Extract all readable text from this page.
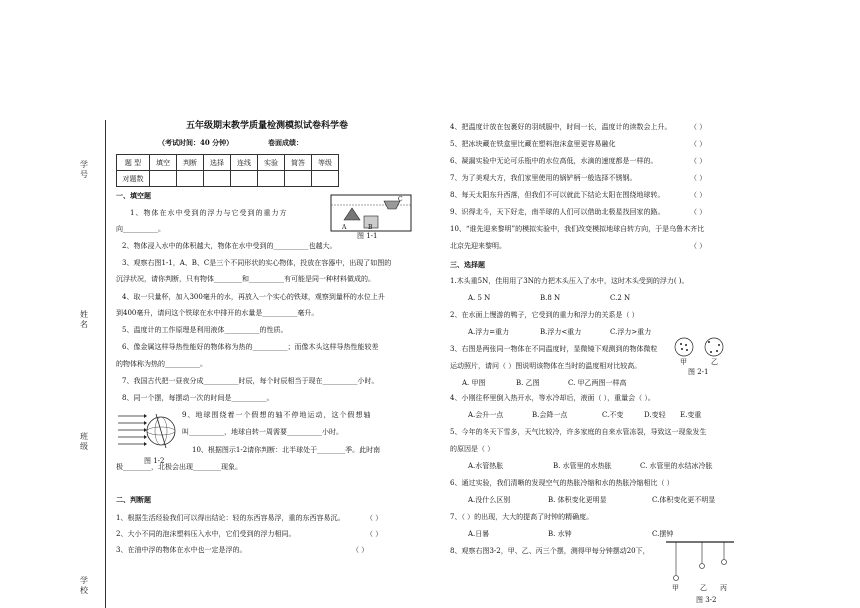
学号
姓名
班级
学校
五年级期末教学质量检测模拟试卷科学卷
（考试时间：40 分钟）	卷面成绩：
题 型	填空	判断	选择	连线	实验	简答	等级
对题数							
一、填空题
1、物体在水中受到的浮力与它受到的重力方
向__________。
2、物体浸入水中的体积越大，物体在水中受到的__________也越大。
3、观察右图1-1，A、B、C是三个不同形状的实心物体，投放在容器中，出现了如图的
沉浮状况，请你判断，只有物体________和__________有可能是同一种材料做成的。
4、取一只量杯，加入300毫升的水，再放入一个实心的铁球，观察到量杯的水位上升
到400毫升，请问这个铁球在水中排开的水量是__________毫升。
5、温度计的工作原理是利用液体__________的性质。
6、像金属这样导热性能好的物体称为热的__________；而像木头这样导热性能较差
的物体称为热的__________。
7、我国古代把一昼夜分成__________时辰，每个时辰相当于现在__________小时。
8、同一个摆，每摆动一次的时间是__________。
9、地球围绕着一个假想的轴不停地运动，这个假想轴
叫__________，地球自转一周需要__________小时。
10、根据图示1-2请你判断：北半球处于________季。此时南
极________，北极会出现________现象。
A	B
C
图 1-1
图 1-2
二、判断题
1、根据生活经验我们可以得出结论：轻的东西容易浮，重的东西容易沉。	（ ）
2、大小不同的泡沫塑料压入水中，它们受到的浮力相同。	（ ）
3、在油中浮的物体在水中也一定是浮的。	（ ）
4、把温度计放在包裹好的羽绒服中，时间一长，温度计的读数会上升。	（ ）
5、把冰块藏在铁盒里比藏在塑料泡沫盒里更容易融化	（ ）
6、凝漏实验中无论可乐瓶中的水位高低，水滴的速度都是一样的。	（ ）
7、为了美观大方，我们家里使用的锅铲柄一般选择不锈钢。	（ ）
8、每天太阳东升西落，但我们不可以就此下结论太阳在围绕地球转。	（ ）
9、识得北斗，天下好走，南半球的人们可以借助北极星找回家的路。	（ ）
10、“谁先迎来黎明”的模拟实验中，我们改变模拟地球自转方向，于是乌鲁木齐比
北京先迎来黎明。	（ ）
三、选择题
1.木头重5N，佳用用了3N的力把木头压入了水中，这时木头受到的浮力( )。
A. 5 N	B.8 N	C.2 N
2、在水面上慢游的鸭子，它受到的重力和浮力的关系是（ ）
A.浮力=重力	B.浮力<重力	C.浮力>重力
3、右图是两张同一物体在不同温度时，显微镜下观测到的物体微粒
运动照片，请问（ ）图说明该物体在当时的温度相对比较高。
A. 甲图	B. 乙图	C. 甲乙两图一样高
甲	乙
图 2-1
4、小刚往杯里倒入热开水，等水冷却后，液面（ ），重量会（ ）。
A.会升一点	B.会降一点	C.不变	D.变轻 E.变重
5、今年的冬天下雪多，天气比较冷，许多家庭的自来水管冻裂，导致这一现象发生
的原因是（ ）
A.水管热胀	B. 水管里的水热胀	C. 水管里的水结冰冷胀
6、通过实验，我们清晰的发现空气的热胀冷缩和水的热胀冷缩相比（ ）
A.没什么区别	B. 体积变化更明显	C.体积变化更不明显
7、（ ）的出现，大大的提高了时钟的精确度。
A.日晷	B. 水钟	C.摆钟
8、观察右图3-2，甲、乙、丙三个摆，测得甲每分钟摆动20下，
甲	乙 丙
图 3-2
